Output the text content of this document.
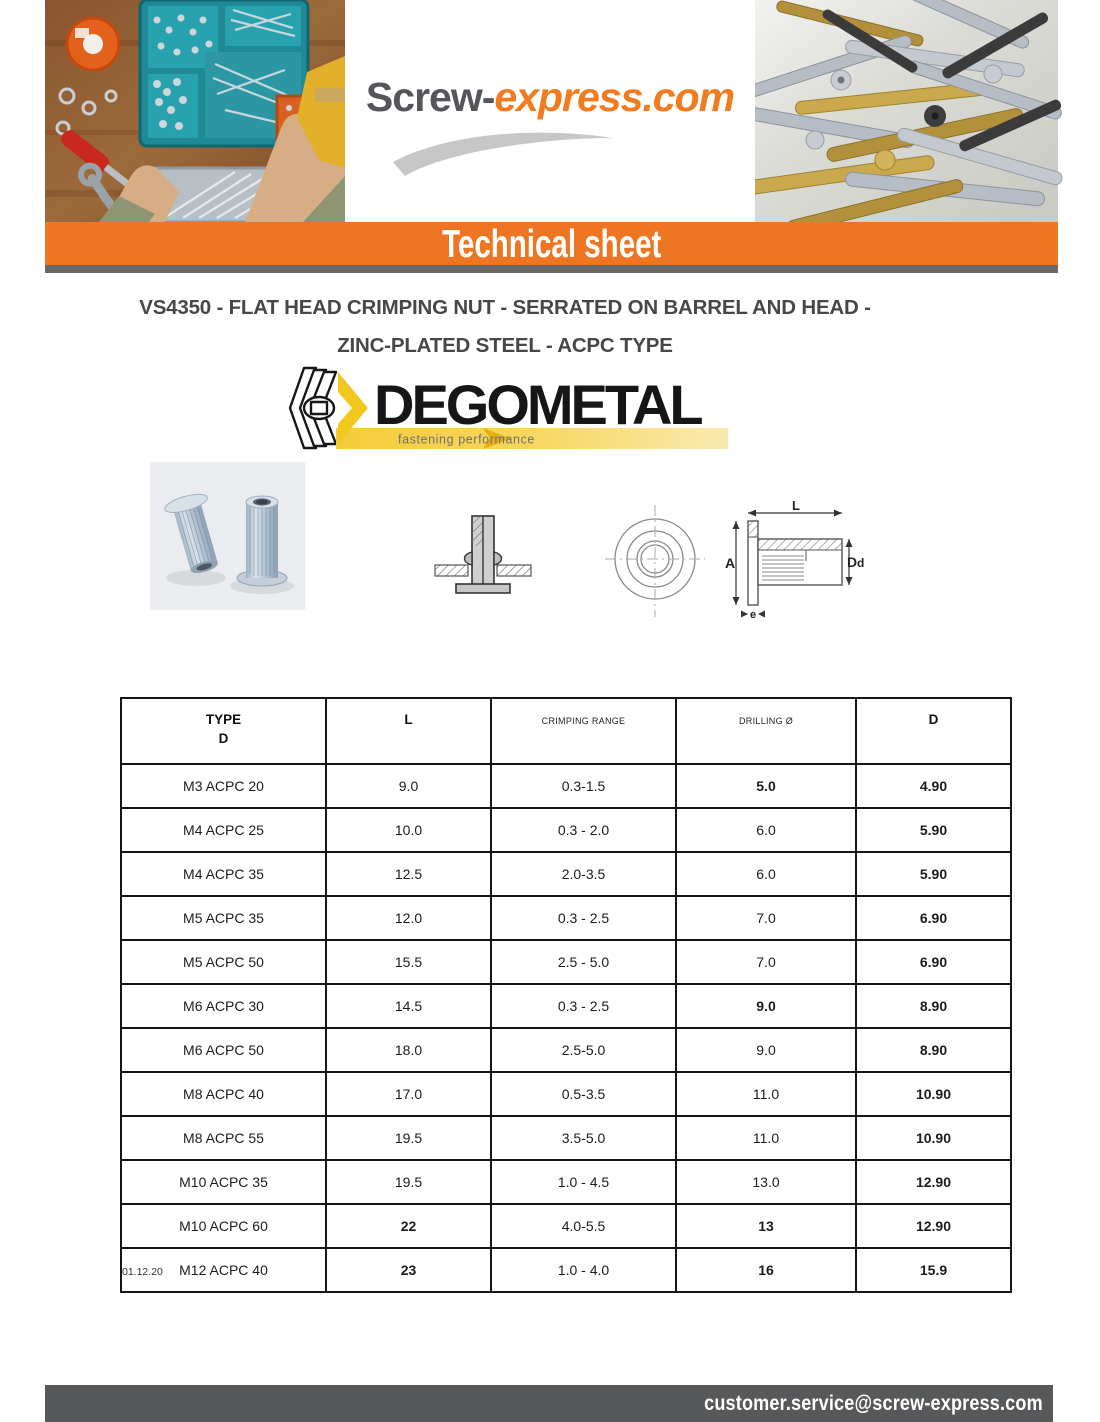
Screw-express.com
Technical sheet
VS4350 - FLAT HEAD CRIMPING NUT - SERRATED ON BARREL AND HEAD -
ZINC-PLATED STEEL - ACPC TYPE
DEGOMETAL
fastening performance
L
A	D d
e
TYPE
D	L	CRIMPING RANGE	DRILLING Ø	D

M3 ACPC 20	9.0	0.3-1.5	5.0	4.90
M4 ACPC 25	10.0	0.3 - 2.0	6.0	5.90
M4 ACPC 35	12.5	2.0-3.5	6.0	5.90
M5 ACPC 35	12.0	0.3 - 2.5	7.0	6.90
M5 ACPC 50	15.5	2.5 - 5.0	7.0	6.90
M6 ACPC 30	14.5	0.3 - 2.5	9.0	8.90
M6 ACPC 50	18.0	2.5-5.0	9.0	8.90
M8 ACPC 40	17.0	0.5-3.5	11.0	10.90
M8 ACPC 55	19.5	3.5-5.0	11.0	10.90
M10 ACPC 35	19.5	1.0 - 4.5	13.0	12.90
M10 ACPC 60	22	4.0-5.5	13	12.90
M12 ACPC 40	23	1.0 - 4.0	16	15.9
01.12.20
customer.service@screw-express.com
